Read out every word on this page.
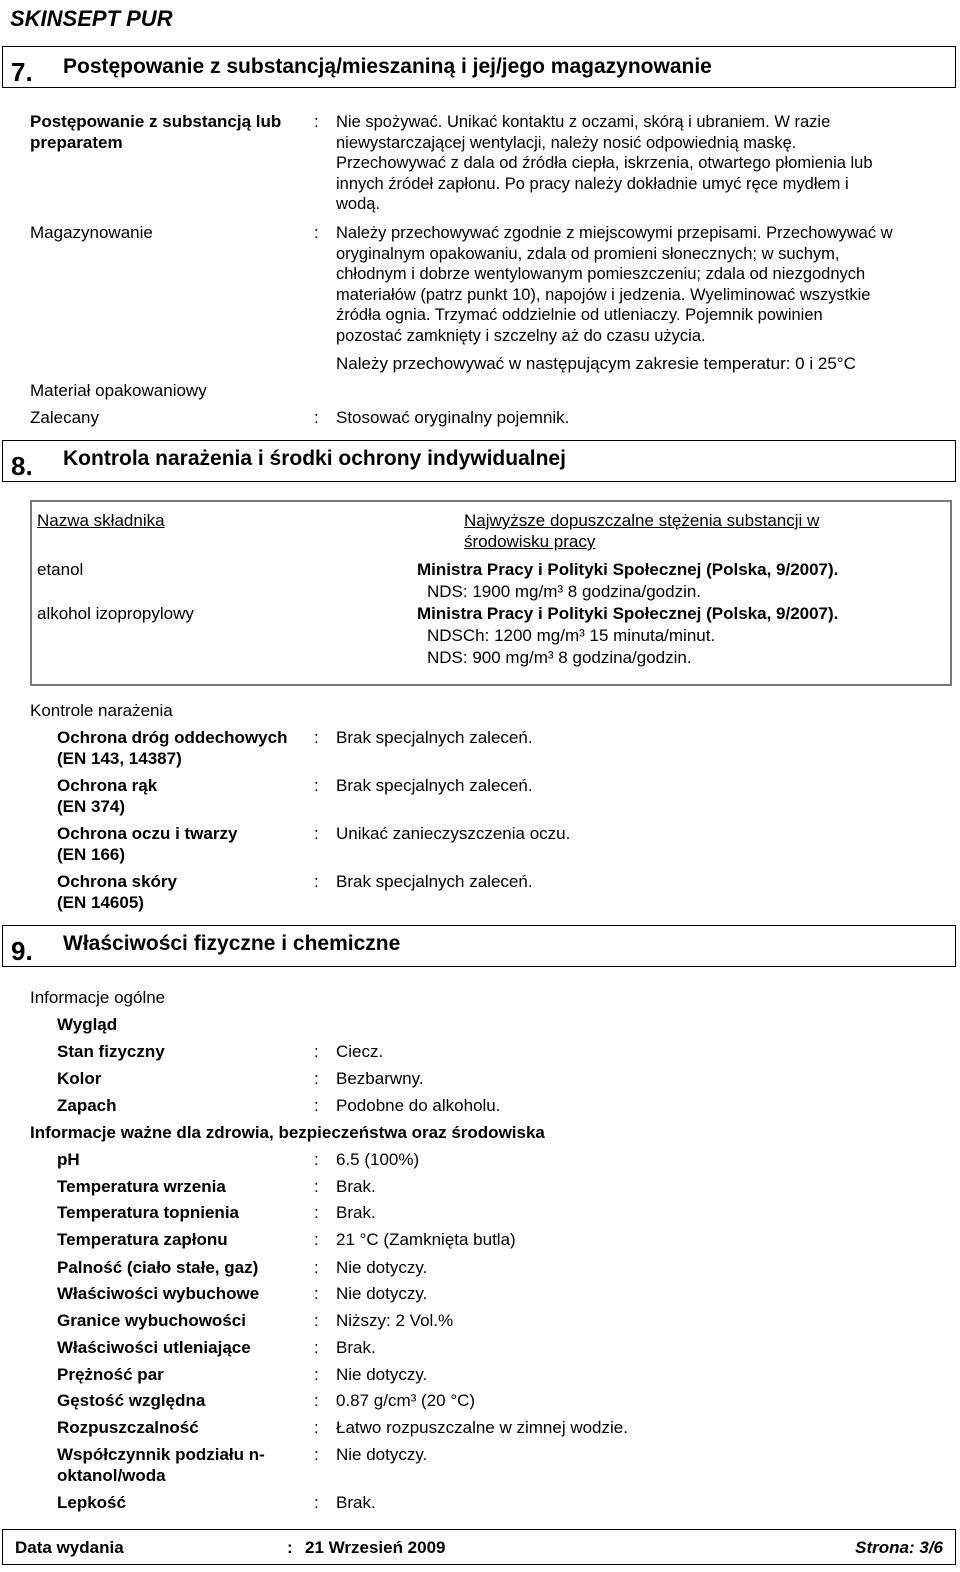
SKINSEPT PUR
7. Postępowanie z substancją/mieszaniną i jej/jego magazynowanie
Postępowanie z substancją lub
preparatem
: Nie spożywać. Unikać kontaktu z oczami, skórą i ubraniem. W razie
niewystarczającej wentylacji, należy nosić odpowiednią maskę.
Przechowywać z dala od źródła ciepła, iskrzenia, otwartego płomienia lub
innych źródeł zapłonu. Po pracy należy dokładnie umyć ręce mydłem i
wodą.
Magazynowanie	: Należy przechowywać zgodnie z miejscowymi przepisami. Przechowywać w
oryginalnym opakowaniu, zdala od promieni słonecznych; w suchym,
chłodnym i dobrze wentylowanym pomieszczeniu; zdala od niezgodnych
materiałów (patrz punkt 10), napojów i jedzenia. Wyeliminować wszystkie
źródła ognia. Trzymać oddzielnie od utleniaczy. Pojemnik powinien
pozostać zamknięty i szczelny aż do czasu użycia.
Należy przechowywać w następującym zakresie temperatur: 0 i 25°C
Materiał opakowaniowy
Zalecany	: Stosować oryginalny pojemnik.
8. Kontrola narażenia i środki ochrony indywidualnej
Nazwa składnika	Najwyższe dopuszczalne stężenia substancji w
środowisku pracy
etanol	Ministra Pracy i Polityki Społecznej (Polska, 9/2007).
NDS: 1900 mg/m³ 8 godzina/godzin.
alkohol izopropylowy	Ministra Pracy i Polityki Społecznej (Polska, 9/2007).
NDSCh: 1200 mg/m³ 15 minuta/minut.
NDS: 900 mg/m³ 8 godzina/godzin.
Kontrole narażenia
Ochrona dróg oddechowych
(EN 143, 14387)
: Brak specjalnych zaleceń.
Ochrona rąk
(EN 374)
: Brak specjalnych zaleceń.
Ochrona oczu i twarzy
(EN 166)
: Unikać zanieczyszczenia oczu.
Ochrona skóry
(EN 14605)
: Brak specjalnych zaleceń.
9. Właściwości fizyczne i chemiczne
Informacje ogólne
Wygląd
Stan fizyczny	: Ciecz.
Kolor	: Bezbarwny.
Zapach	: Podobne do alkoholu.
Informacje ważne dla zdrowia, bezpieczeństwa oraz środowiska
pH	: 6.5 (100%)
Temperatura wrzenia	: Brak.
Temperatura topnienia	: Brak.
Temperatura zapłonu	: 21 °C (Zamknięta butla)
Palność (ciało stałe, gaz)	: Nie dotyczy.
Właściwości wybuchowe	: Nie dotyczy.
Granice wybuchowości	: Niższy: 2 Vol.%
Właściwości utleniające	: Brak.
Prężność par	: Nie dotyczy.
Gęstość względna	: 0.87 g/cm³ (20 °C)
Rozpuszczalność	: Łatwo rozpuszczalne w zimnej wodzie.
Współczynnik podziału n-
oktanol/woda
: Nie dotyczy.
Lepkość	: Brak.
Data wydania	: 21 Wrzesień 2009	Strona: 3/6
